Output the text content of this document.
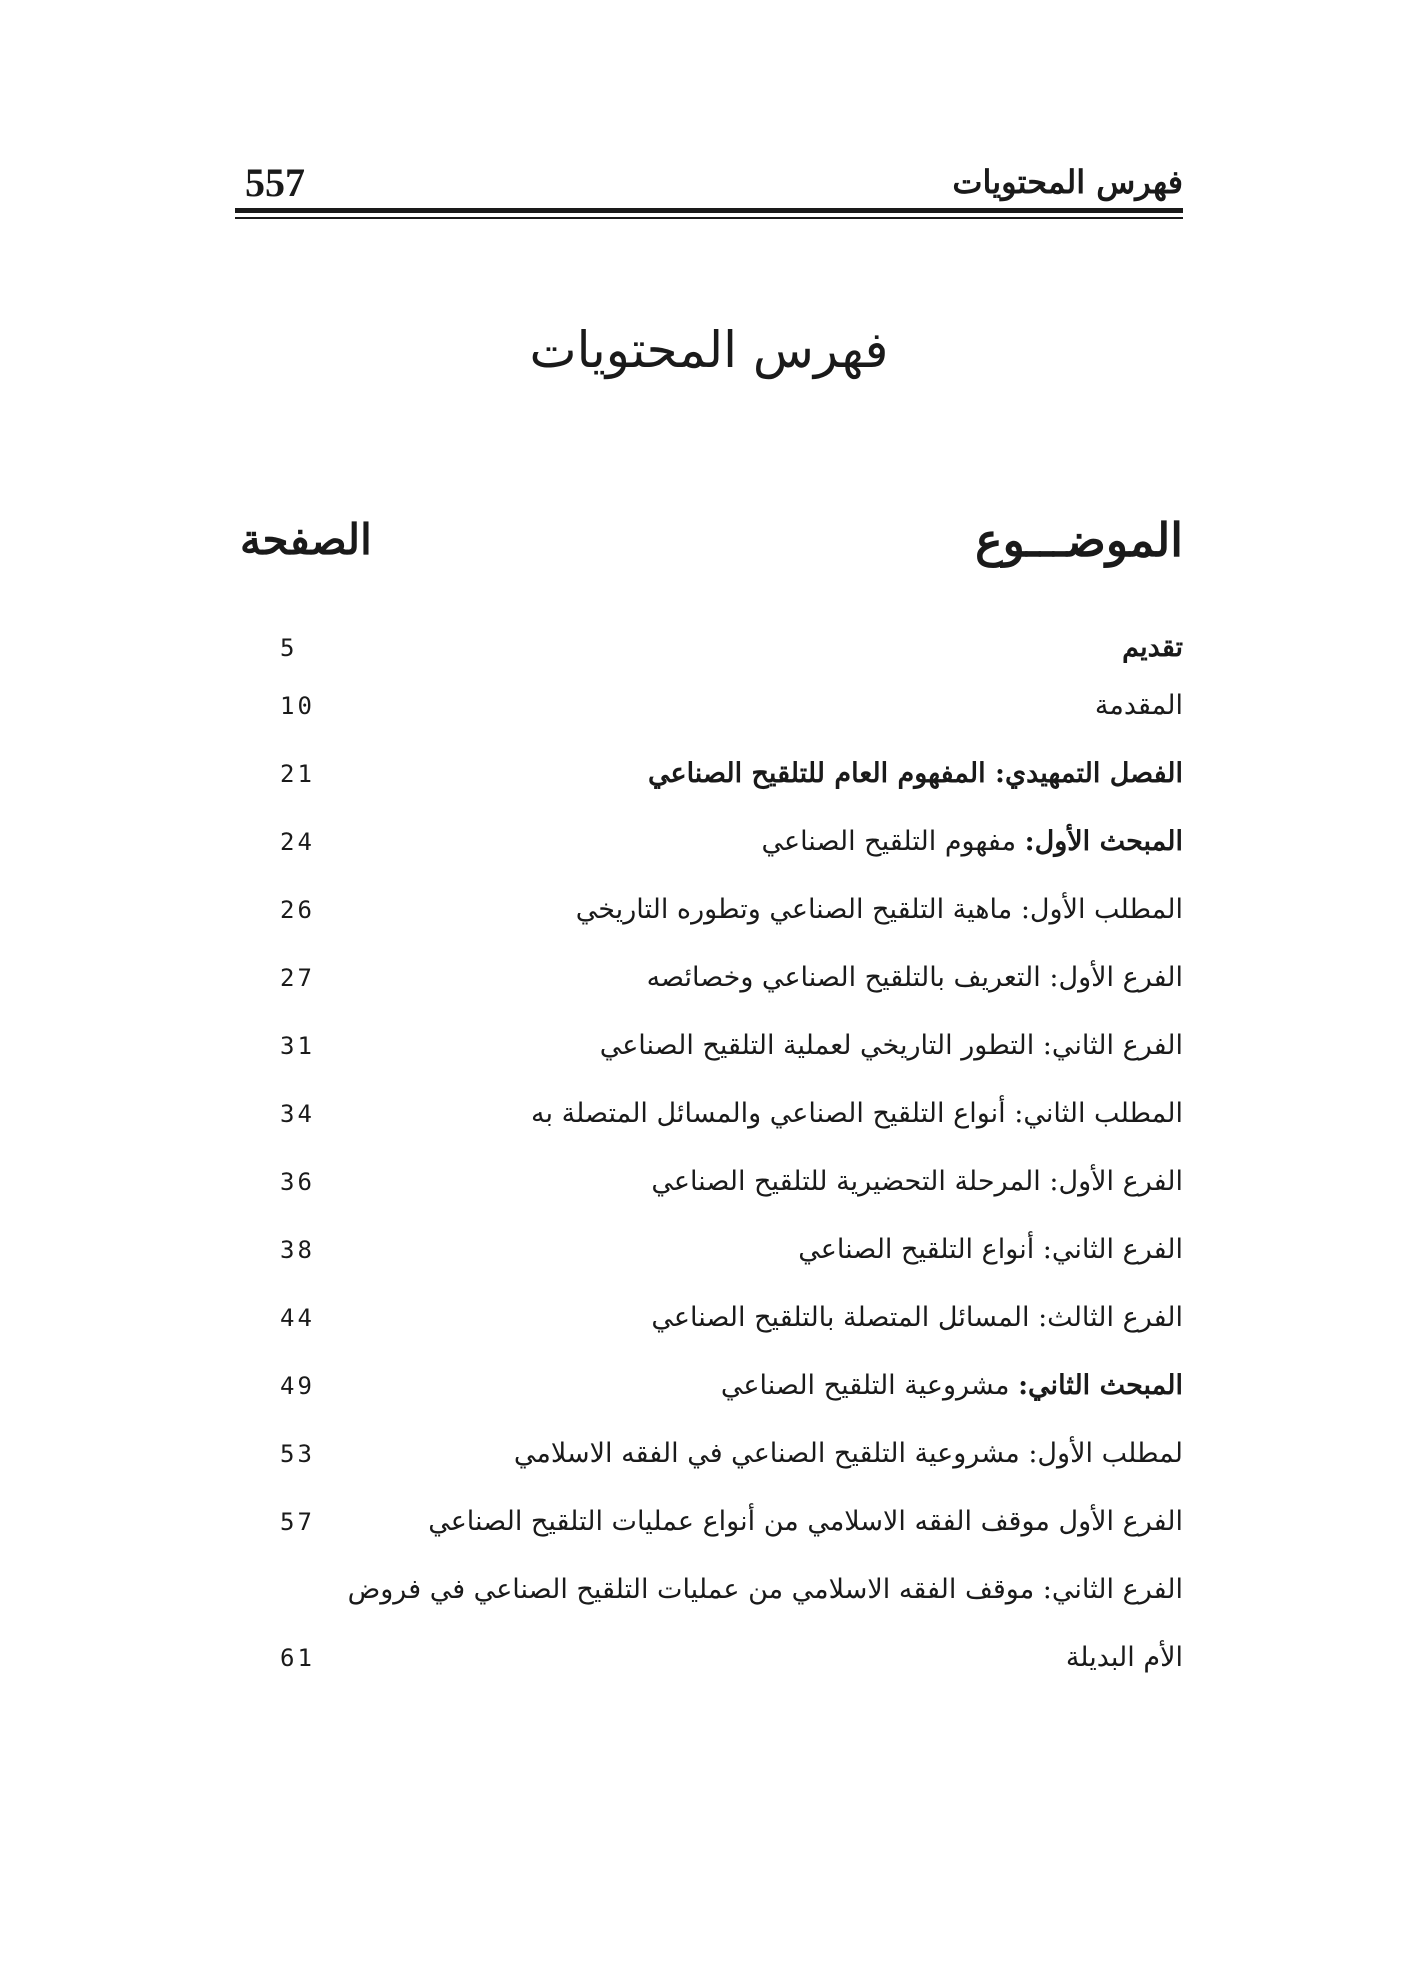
557	فهرس المحتويات
فهرس المحتويات
الموضـــوع
الصفحة
تقديم
5
المقدمة
10
الفصل التمهيدي: المفهوم العام للتلقيح الصناعي
21
المبحث الأول: مفهوم التلقيح الصناعي
24
المطلب الأول: ماهية التلقيح الصناعي وتطوره التاريخي
26
الفرع الأول: التعريف بالتلقيح الصناعي وخصائصه
27
الفرع الثاني: التطور التاريخي لعملية التلقيح الصناعي
31
المطلب الثاني: أنواع التلقيح الصناعي والمسائل المتصلة به
34
الفرع الأول: المرحلة التحضيرية للتلقيح الصناعي
36
الفرع الثاني: أنواع التلقيح الصناعي
38
الفرع الثالث: المسائل المتصلة بالتلقيح الصناعي
44
المبحث الثاني: مشروعية التلقيح الصناعي
49
لمطلب الأول: مشروعية التلقيح الصناعي في الفقه الاسلامي
53
الفرع الأول موقف الفقه الاسلامي من أنواع عمليات التلقيح الصناعي
57
الفرع الثاني: موقف الفقه الاسلامي من عمليات التلقيح الصناعي في فروض
الأم البديلة
61
